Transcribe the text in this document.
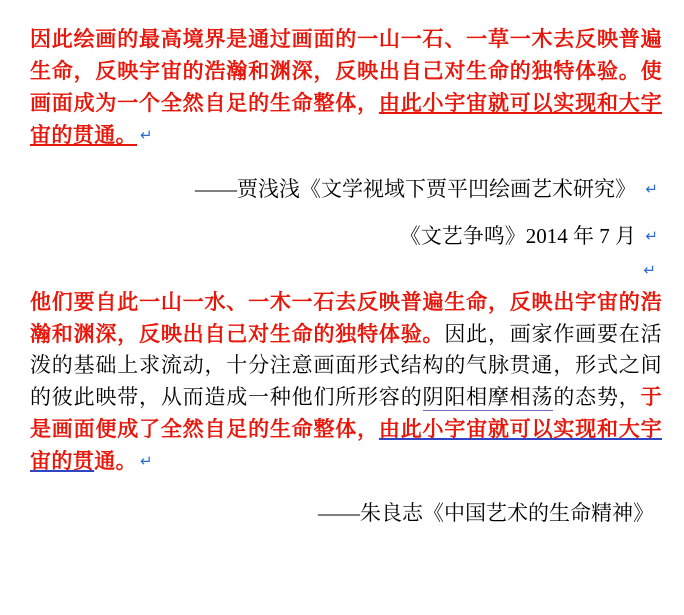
因此绘画的最高境界是通过画面的一山一石、一草一木去反映普遍生命，反映宇宙的浩瀚和渊深，反映出自己对生命的独特体验。使画面成为一个全然自足的生命整体，由此小宇宙就可以实现和大宇宙的贯通。 ↵

——贾浅浅《文学视域下贾平凹绘画艺术研究》 ↵

《文艺争鸣》2014 年 7 月 ↵

↵

他们要自此一山一水、一木一石去反映普遍生命，反映出宇宙的浩瀚和渊深，反映出自己对生命的独特体验。因此，画家作画要在活泼的基础上求流动，十分注意画面形式结构的气脉贯通，形式之间的彼此映带，从而造成一种他们所形容的阴阳相摩相荡的态势，于是画面便成了全然自足的生命整体，由此小宇宙就可以实现和大宇宙的贯通。 ↵

——朱良志《中国艺术的生命精神》
